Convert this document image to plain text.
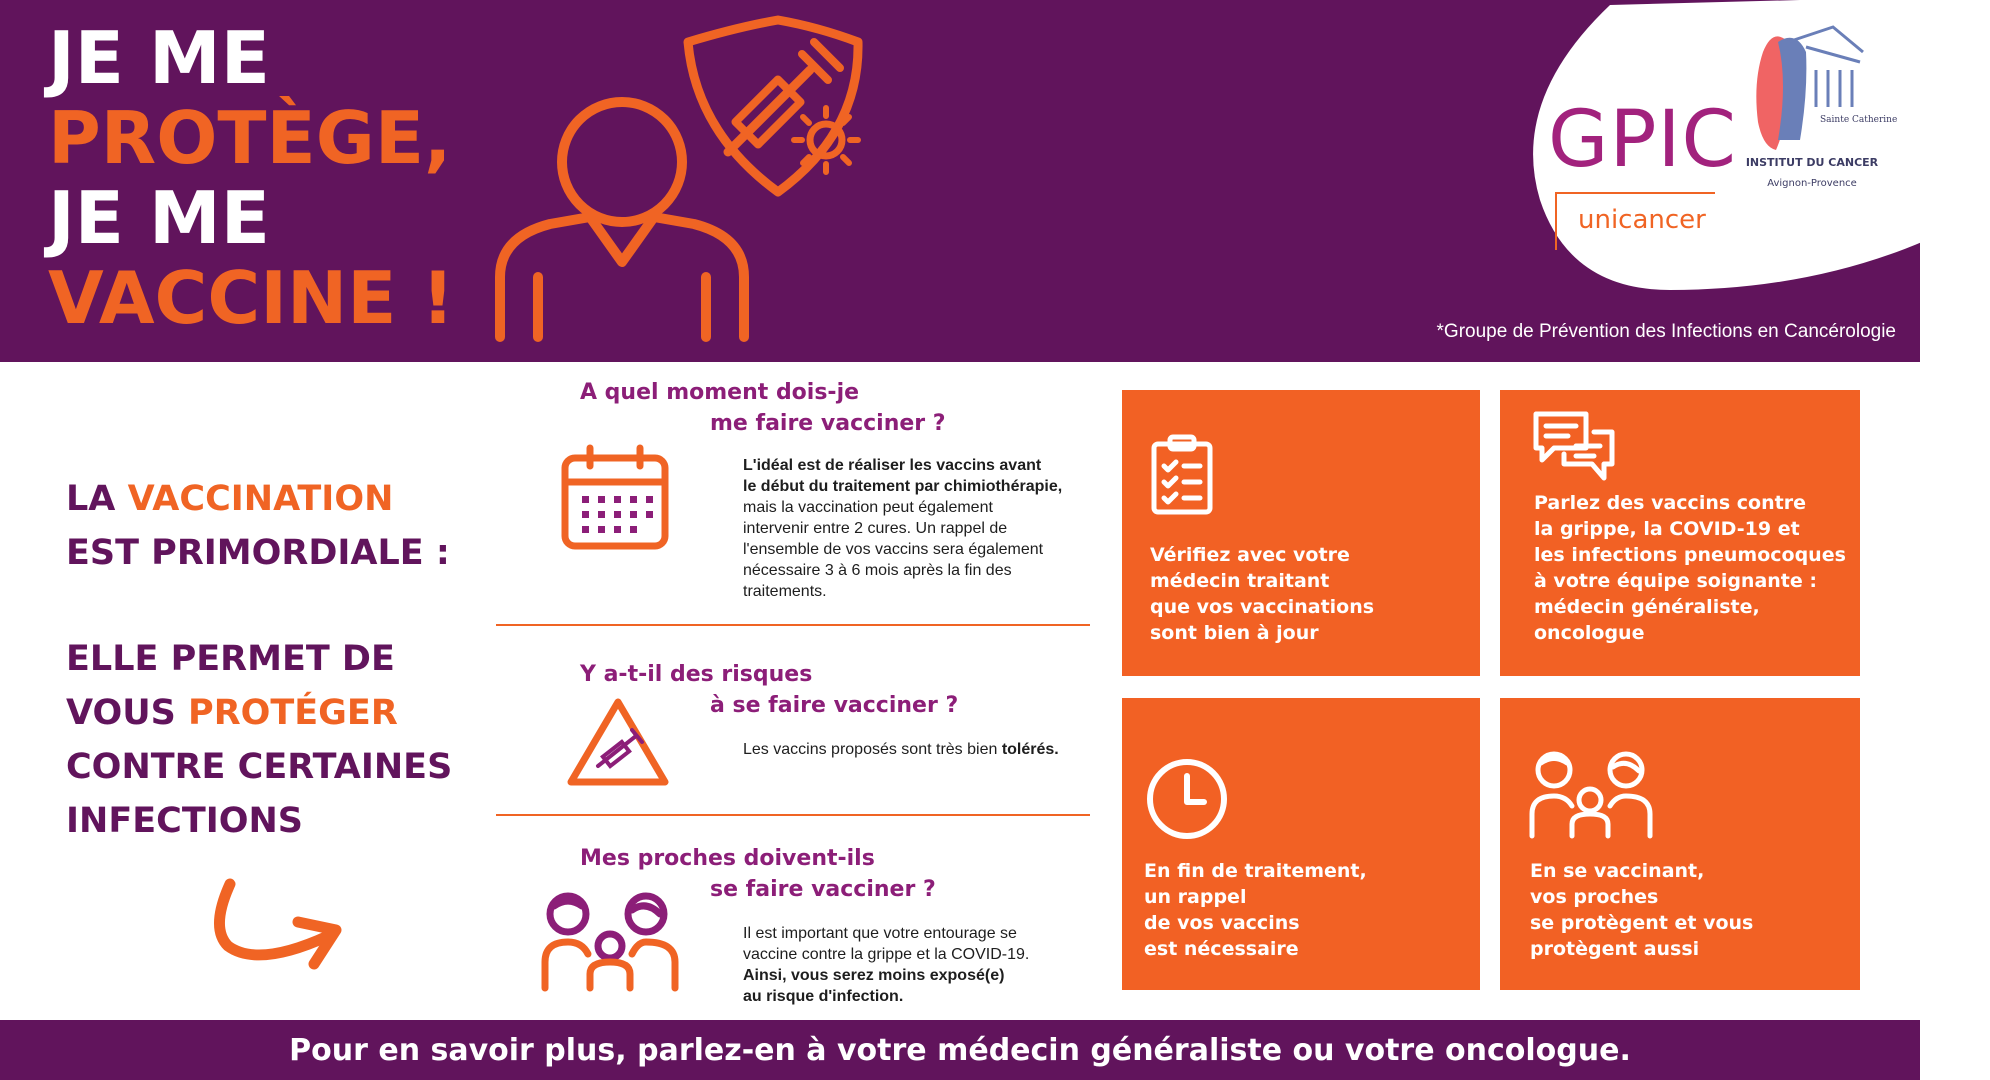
JE ME
PROTÈGE,
JE ME
VACCINE !
GPIC
unicancer
Sainte Catherine
INSTITUT DU CANCER
Avignon-Provence
*Groupe de Prévention des Infections en Cancérologie
LA VACCINATION
EST PRIMORDIALE :
ELLE PERMET DE
VOUS PROTÉGER
CONTRE CERTAINES
INFECTIONS
A quel moment dois-je
me faire vacciner ?
L'idéal est de réaliser les vaccins avant
le début du traitement par chimiothérapie,
mais la vaccination peut également
intervenir entre 2 cures. Un rappel de
l'ensemble de vos vaccins sera également
nécessaire 3 à 6 mois après la fin des
traitements.
Y a-t-il des risques
à se faire vacciner ?
Les vaccins proposés sont très bien tolérés.
Mes proches doivent-ils
se faire vacciner ?
Il est important que votre entourage se
vaccine contre la grippe et la COVID-19.
Ainsi, vous serez moins exposé(e)
au risque d'infection.
Vérifiez avec votre
médecin traitant
que vos vaccinations
sont bien à jour
Parlez des vaccins contre
la grippe, la COVID-19 et
les infections pneumocoques
à votre équipe soignante :
médecin généraliste,
oncologue
En fin de traitement,
un rappel
de vos vaccins
est nécessaire
En se vaccinant,
vos proches
se protègent et vous
protègent aussi
Pour en savoir plus, parlez-en à votre médecin généraliste ou votre oncologue.
